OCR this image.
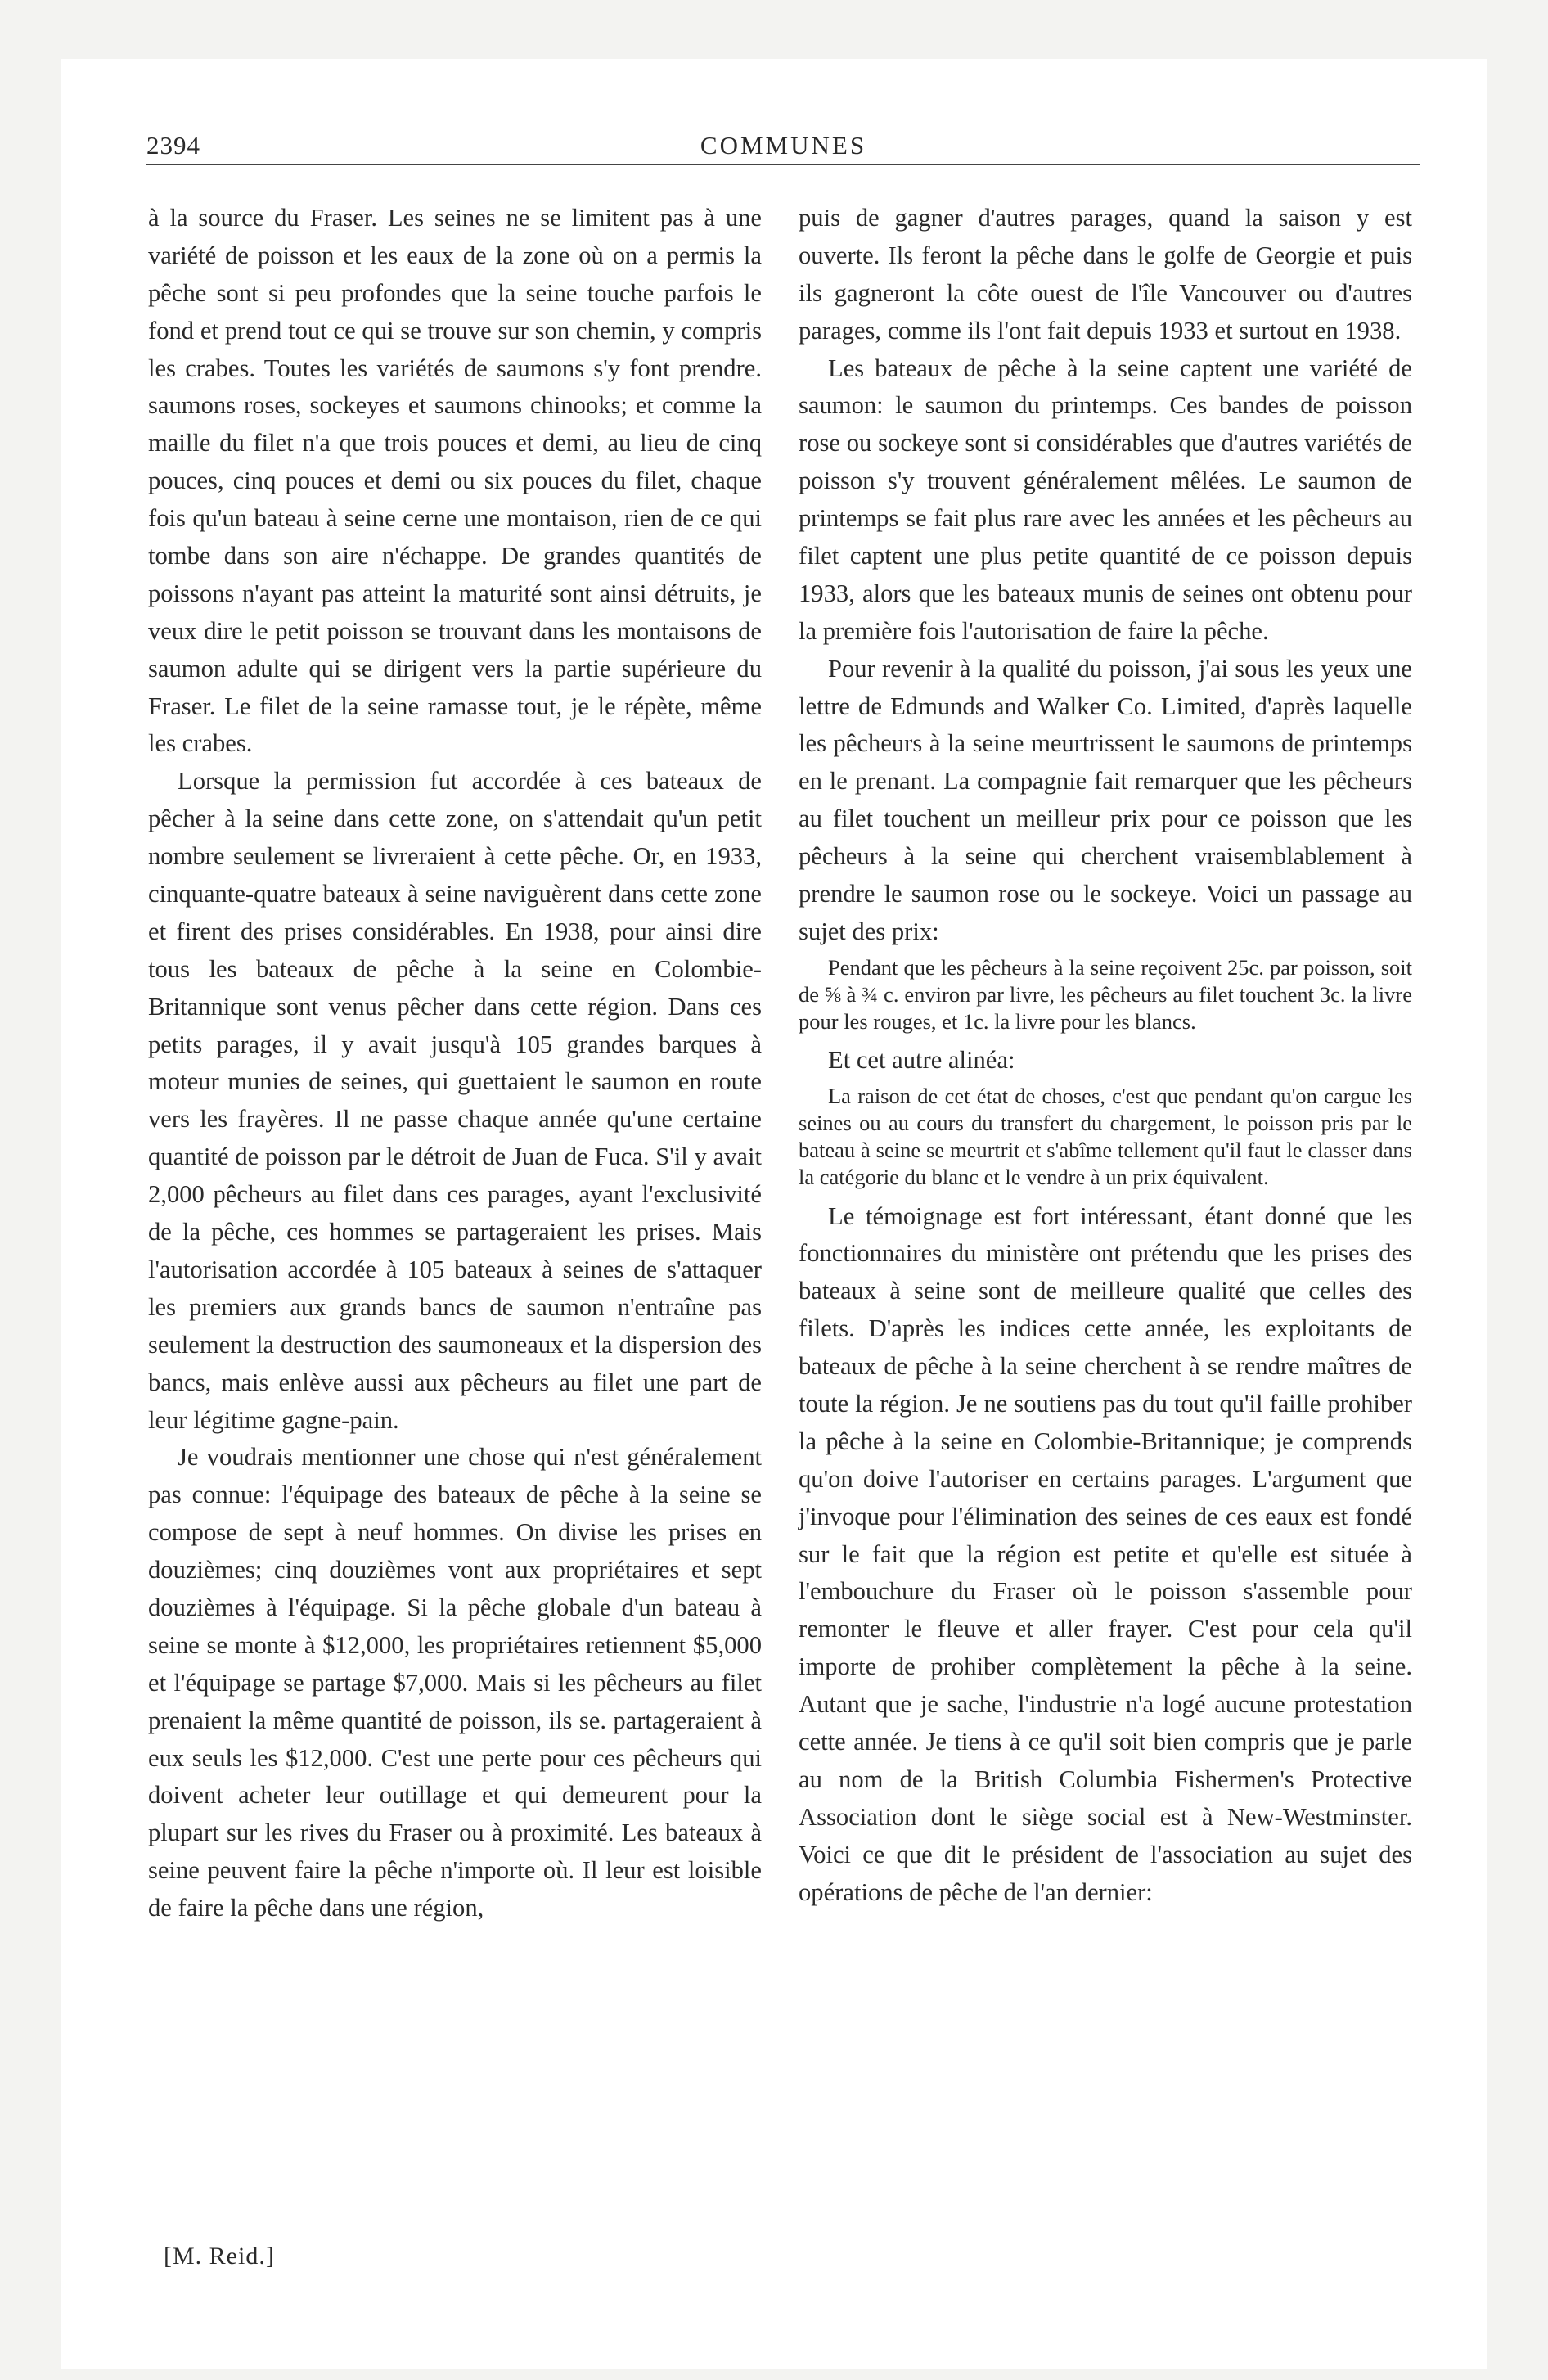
2394	COMMUNES

à la source du Fraser. Les seines ne se limitent pas à une variété de poisson et les eaux de la zone où on a permis la pêche sont si peu profondes que la seine touche parfois le fond et prend tout ce qui se trouve sur son chemin, y compris les crabes. Toutes les variétés de saumons s'y font prendre. saumons roses, sockeyes et saumons chinooks; et comme la maille du filet n'a que trois pouces et demi, au lieu de cinq pouces, cinq pouces et demi ou six pouces du filet, chaque fois qu'un bateau à seine cerne une montaison, rien de ce qui tombe dans son aire n'échappe. De grandes quantités de poissons n'ayant pas atteint la maturité sont ainsi détruits, je veux dire le petit poisson se trouvant dans les montaisons de saumon adulte qui se dirigent vers la partie supérieure du Fraser. Le filet de la seine ramasse tout, je le répète, même les crabes.

Lorsque la permission fut accordée à ces bateaux de pêcher à la seine dans cette zone, on s'attendait qu'un petit nombre seulement se livreraient à cette pêche. Or, en 1933, cinquante-quatre bateaux à seine naviguèrent dans cette zone et firent des prises considérables. En 1938, pour ainsi dire tous les bateaux de pêche à la seine en Colombie-Britannique sont venus pêcher dans cette région. Dans ces petits parages, il y avait jusqu'à 105 grandes barques à moteur munies de seines, qui guettaient le saumon en route vers les frayères. Il ne passe chaque année qu'une certaine quantité de poisson par le détroit de Juan de Fuca. S'il y avait 2,000 pêcheurs au filet dans ces parages, ayant l'exclusivité de la pêche, ces hommes se partageraient les prises. Mais l'autorisation accordée à 105 bateaux à seines de s'attaquer les premiers aux grands bancs de saumon n'entraîne pas seulement la destruction des saumoneaux et la dispersion des bancs, mais enlève aussi aux pêcheurs au filet une part de leur légitime gagne-pain.

Je voudrais mentionner une chose qui n'est généralement pas connue: l'équipage des bateaux de pêche à la seine se compose de sept à neuf hommes. On divise les prises en douzièmes; cinq douzièmes vont aux propriétaires et sept douzièmes à l'équipage. Si la pêche globale d'un bateau à seine se monte à $12,000, les propriétaires retiennent $5,000 et l'équipage se partage $7,000. Mais si les pêcheurs au filet prenaient la même quantité de poisson, ils se. partageraient à eux seuls les $12,000. C'est une perte pour ces pêcheurs qui doivent acheter leur outillage et qui demeurent pour la plupart sur les rives du Fraser ou à proximité. Les bateaux à seine peuvent faire la pêche n'importe où. Il leur est loisible de faire la pêche dans une région,

puis de gagner d'autres parages, quand la saison y est ouverte. Ils feront la pêche dans le golfe de Georgie et puis ils gagneront la côte ouest de l'île Vancouver ou d'autres parages, comme ils l'ont fait depuis 1933 et surtout en 1938.

Les bateaux de pêche à la seine captent une variété de saumon: le saumon du printemps. Ces bandes de poisson rose ou sockeye sont si considérables que d'autres variétés de poisson s'y trouvent généralement mêlées. Le saumon de printemps se fait plus rare avec les années et les pêcheurs au filet captent une plus petite quantité de ce poisson depuis 1933, alors que les bateaux munis de seines ont obtenu pour la première fois l'autorisation de faire la pêche.

Pour revenir à la qualité du poisson, j'ai sous les yeux une lettre de Edmunds and Walker Co. Limited, d'après laquelle les pêcheurs à la seine meurtrissent le saumons de printemps en le prenant. La compagnie fait remarquer que les pêcheurs au filet touchent un meilleur prix pour ce poisson que les pêcheurs à la seine qui cherchent vraisemblablement à prendre le saumon rose ou le sockeye. Voici un passage au sujet des prix:

Pendant que les pêcheurs à la seine reçoivent 25c. par poisson, soit de ⅝ à ¾ c. environ par livre, les pêcheurs au filet touchent 3c. la livre pour les rouges, et 1c. la livre pour les blancs.

Et cet autre alinéa:

La raison de cet état de choses, c'est que pendant qu'on cargue les seines ou au cours du transfert du chargement, le poisson pris par le bateau à seine se meurtrit et s'abîme tellement qu'il faut le classer dans la catégorie du blanc et le vendre à un prix équivalent.

Le témoignage est fort intéressant, étant donné que les fonctionnaires du ministère ont prétendu que les prises des bateaux à seine sont de meilleure qualité que celles des filets. D'après les indices cette année, les exploitants de bateaux de pêche à la seine cherchent à se rendre maîtres de toute la région. Je ne soutiens pas du tout qu'il faille prohiber la pêche à la seine en Colombie-Britannique; je comprends qu'on doive l'autoriser en certains parages. L'argument que j'invoque pour l'élimination des seines de ces eaux est fondé sur le fait que la région est petite et qu'elle est située à l'embouchure du Fraser où le poisson s'assemble pour remonter le fleuve et aller frayer. C'est pour cela qu'il importe de prohiber complètement la pêche à la seine. Autant que je sache, l'industrie n'a logé aucune protestation cette année. Je tiens à ce qu'il soit bien compris que je parle au nom de la British Columbia Fishermen's Protective Association dont le siège social est à New-Westminster. Voici ce que dit le président de l'association au sujet des opérations de pêche de l'an dernier:

[M. Reid.]
